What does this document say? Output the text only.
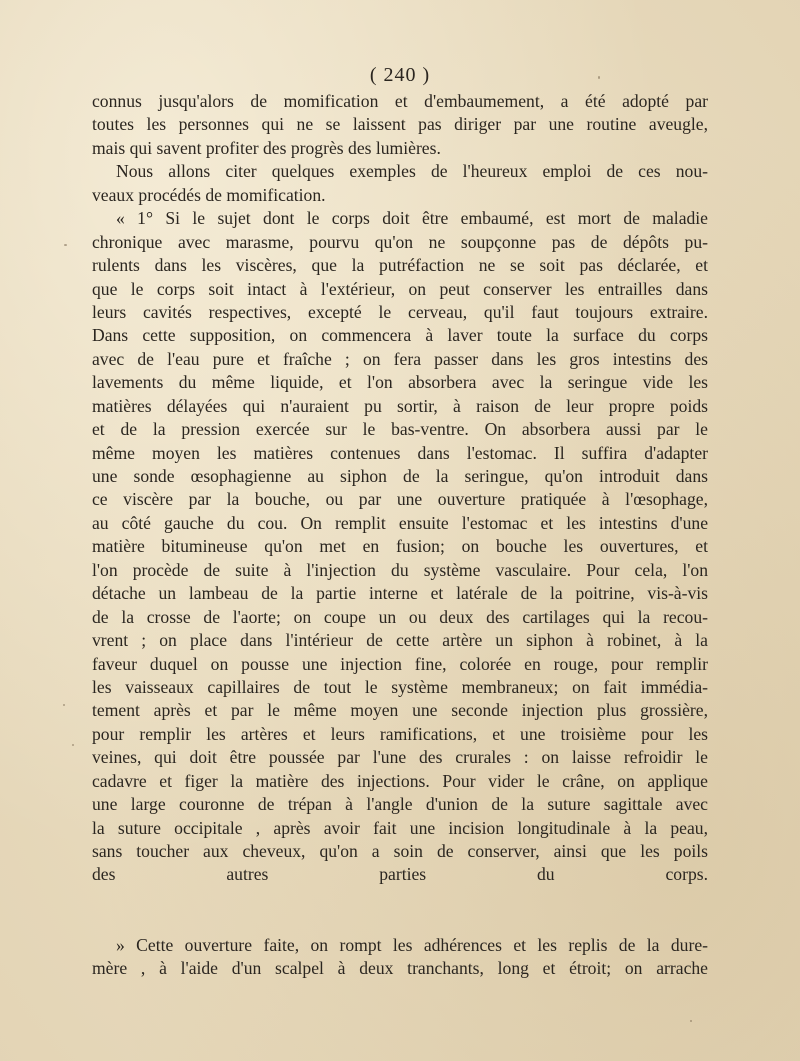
( 240 )
connus jusqu'alors de momification et d'embaumement, a été adopté par
toutes les personnes qui ne se laissent pas diriger par une routine aveugle,
mais qui savent profiter des progrès des lumières.
Nous allons citer quelques exemples de l'heureux emploi de ces nou-
veaux procédés de momification.
« 1° Si le sujet dont le corps doit être embaumé, est mort de maladie
chronique avec marasme, pourvu qu'on ne soupçonne pas de dépôts pu-
rulents dans les viscères, que la putréfaction ne se soit pas déclarée, et
que le corps soit intact à l'extérieur, on peut conserver les entrailles dans
leurs cavités respectives, excepté le cerveau, qu'il faut toujours extraire.
Dans cette supposition, on commencera à laver toute la surface du corps
avec de l'eau pure et fraîche ; on fera passer dans les gros intestins des
lavements du même liquide, et l'on absorbera avec la seringue vide les
matières délayées qui n'auraient pu sortir, à raison de leur propre poids
et de la pression exercée sur le bas-ventre. On absorbera aussi par le
même moyen les matières contenues dans l'estomac. Il suffira d'adapter
une sonde œsophagienne au siphon de la seringue, qu'on introduit dans
ce viscère par la bouche, ou par une ouverture pratiquée à l'œsophage,
au côté gauche du cou. On remplit ensuite l'estomac et les intestins d'une
matière bitumineuse qu'on met en fusion; on bouche les ouvertures, et
l'on procède de suite à l'injection du système vasculaire. Pour cela, l'on
détache un lambeau de la partie interne et latérale de la poitrine, vis-à-vis
de la crosse de l'aorte; on coupe un ou deux des cartilages qui la recou-
vrent ; on place dans l'intérieur de cette artère un siphon à robinet, à la
faveur duquel on pousse une injection fine, colorée en rouge, pour remplir
les vaisseaux capillaires de tout le système membraneux; on fait immédia-
tement après et par le même moyen une seconde injection plus grossière,
pour remplir les artères et leurs ramifications, et une troisième pour les
veines, qui doit être poussée par l'une des crurales : on laisse refroidir le
cadavre et figer la matière des injections. Pour vider le crâne, on applique
une large couronne de trépan à l'angle d'union de la suture sagittale avec
la suture occipitale , après avoir fait une incision longitudinale à la peau,
sans toucher aux cheveux, qu'on a soin de conserver, ainsi que les poils
des autres parties du corps.
» Cette ouverture faite, on rompt les adhérences et les replis de la dure-
mère , à l'aide d'un scalpel à deux tranchants, long et étroit; on arrache
